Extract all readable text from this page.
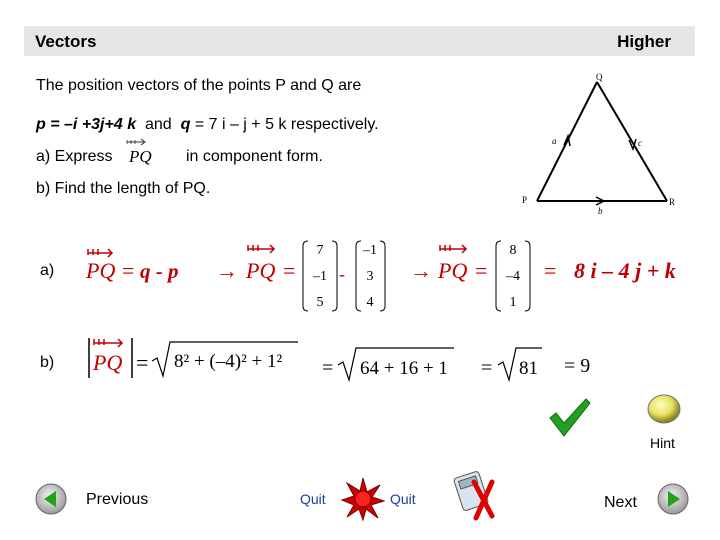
Vectors	Higher
The position vectors of the points P and Q are
p = –i +3j+4 k and q = 7 i – j + 5 k respectively.
a) Express PQ in component form.
b) Find the length of PQ.
Q
P	R
a
b
c
a) PQ = q - p → PQ =
7
–1
5
-
–1
3
4
→ PQ =
8
–4
1
= 8 i – 4 j + k
b) PQ = 8² + (–4)² + 1² = 64 + 16 + 1 = 81 = 9
Hint
Previous	Quit	Quit	Next
